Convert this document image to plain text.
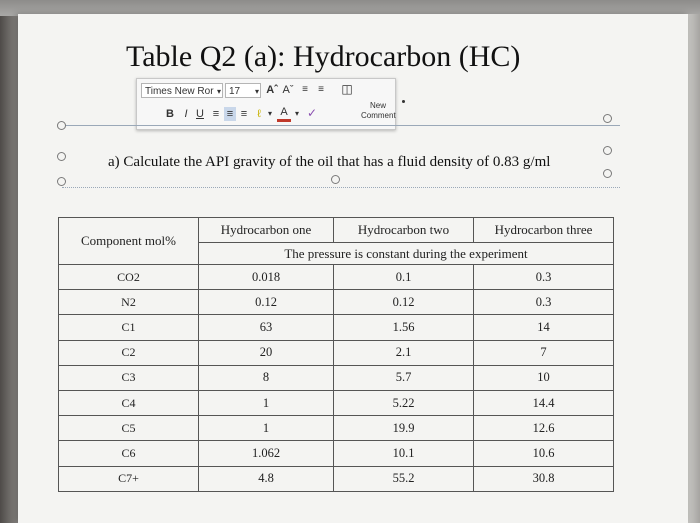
Table Q2 (a): Hydrocarbon (HC)
Times New Ror ▾ 17 ▾ Aˆ Aˇ ≡	≡	◫
B I U ≡ ≡ ≡ ℓ ▾ A ▾ ✓
New
Comment
a) Calculate the API gravity of the oil that has a fluid density of 0.83 g/ml
Component mol%	Hydrocarbon one	Hydrocarbon two	Hydrocarbon three
	The pressure is constant during the experiment		
CO2	0.018	0.1	0.3
N2	0.12	0.12	0.3
C1	63	1.56	14
C2	20	2.1	7
C3	8	5.7	10
C4	1	5.22	14.4
C5	1	19.9	12.6
C6	1.062	10.1	10.6
C7+	4.8	55.2	30.8
